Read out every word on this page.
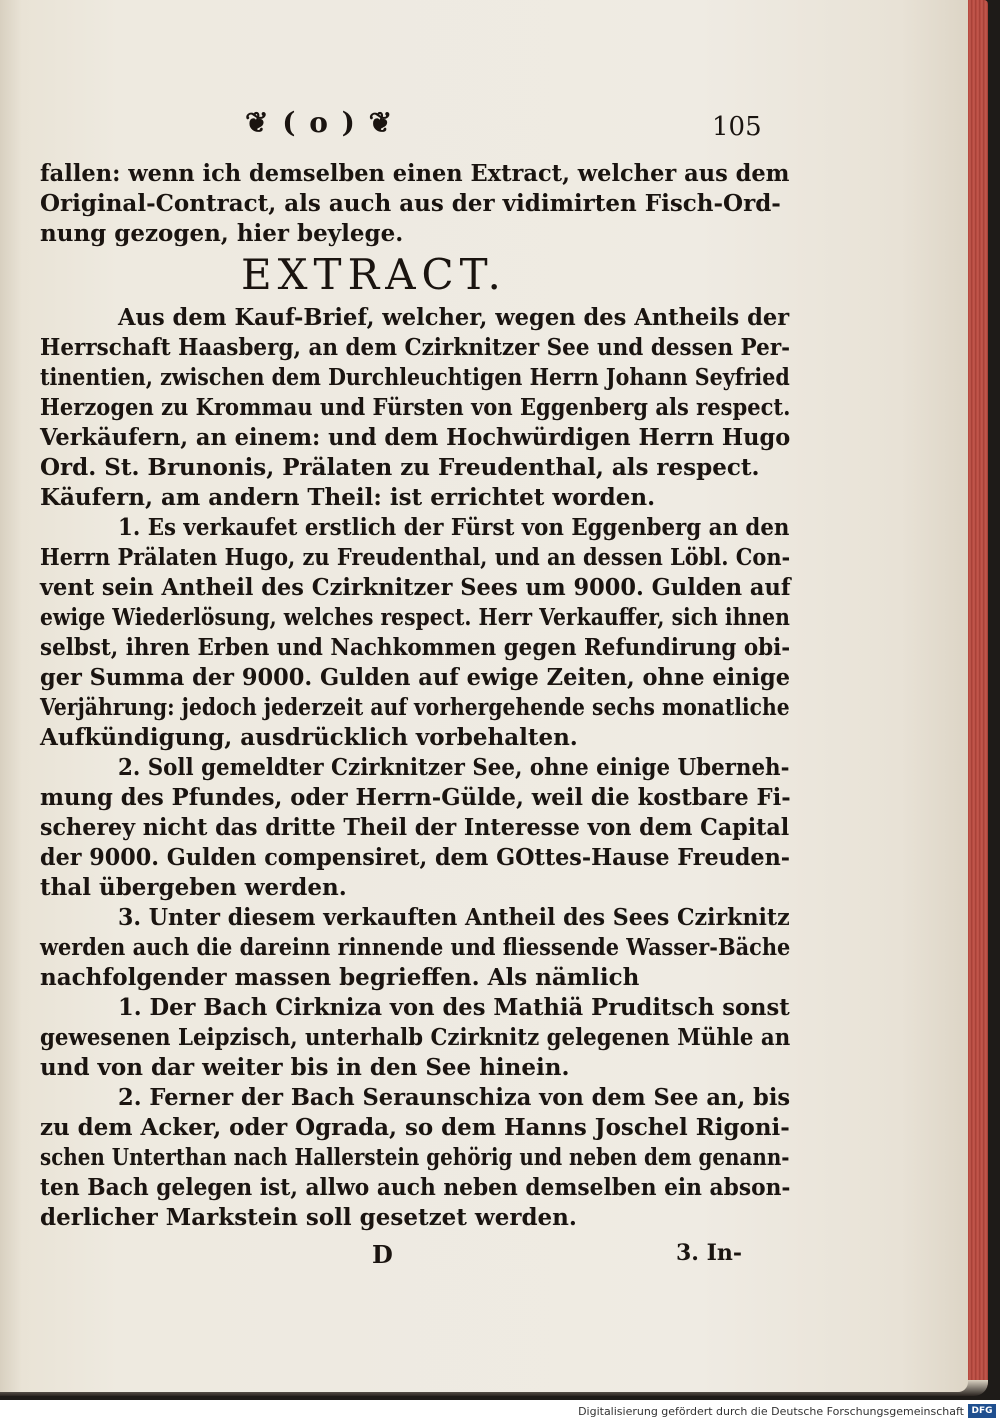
❦ ( o ) ❦	105
fallen: wenn ich demselben einen Extract, welcher aus dem
Original-Contract, als auch aus der vidimirten Fisch-Ord-
nung gezogen, hier beylege.
EXTRACT.
Aus dem Kauf-Brief, welcher, wegen des Antheils der
Herrschaft Haasberg, an dem Czirknitzer See und dessen Per-
tinentien, zwischen dem Durchleuchtigen Herrn Johann Seyfried
Herzogen zu Krommau und Fürsten von Eggenberg als respect.
Verkäufern, an einem: und dem Hochwürdigen Herrn Hugo
Ord. St. Brunonis, Prälaten zu Freudenthal, als respect.
Käufern, am andern Theil: ist errichtet worden.
1. Es verkaufet erstlich der Fürst von Eggenberg an den
Herrn Prälaten Hugo, zu Freudenthal, und an dessen Löbl. Con-
vent sein Antheil des Czirknitzer Sees um 9000. Gulden auf
ewige Wiederlösung, welches respect. Herr Verkauffer, sich ihnen
selbst, ihren Erben und Nachkommen gegen Refundirung obi-
ger Summa der 9000. Gulden auf ewige Zeiten, ohne einige
Verjährung: jedoch jederzeit auf vorhergehende sechs monatliche
Aufkündigung, ausdrücklich vorbehalten.
2. Soll gemeldter Czirknitzer See, ohne einige Uberneh-
mung des Pfundes, oder Herrn-Gülde, weil die kostbare Fi-
scherey nicht das dritte Theil der Interesse von dem Capital
der 9000. Gulden compensiret, dem GOttes-Hause Freuden-
thal übergeben werden.
3. Unter diesem verkauften Antheil des Sees Czirknitz
werden auch die dareinn rinnende und fliessende Wasser-Bäche
nachfolgender massen begrieffen. Als nämlich
1. Der Bach Cirkniza von des Mathiä Pruditsch sonst
gewesenen Leipzisch, unterhalb Czirknitz gelegenen Mühle an
und von dar weiter bis in den See hinein.
2. Ferner der Bach Seraunschiza von dem See an, bis
zu dem Acker, oder Ograda, so dem Hanns Joschel Rigoni-
schen Unterthan nach Hallerstein gehörig und neben dem genann-
ten Bach gelegen ist, allwo auch neben demselben ein abson-
derlicher Markstein soll gesetzet werden.
D	3. In-
Digitalisierung gefördert durch die Deutsche Forschungsgemeinschaft DFG
